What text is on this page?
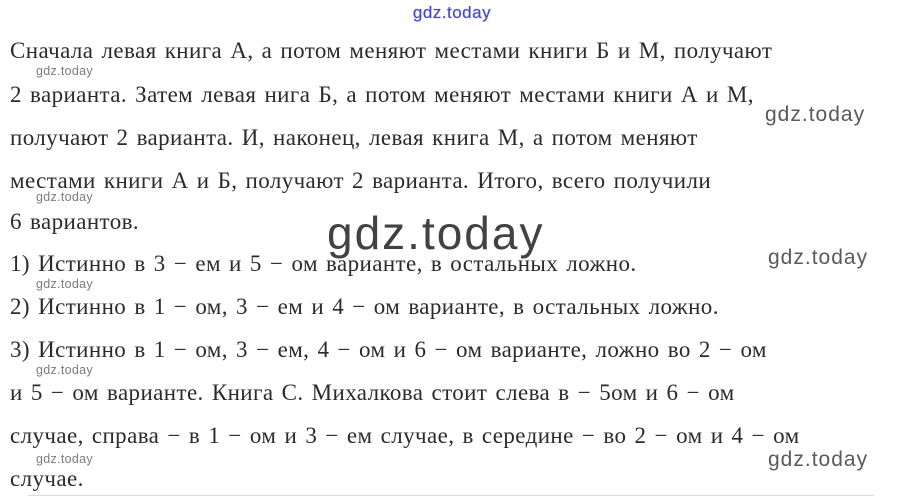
gdz.today
gdz.today
gdz.today
gdz.today
gdz.today
gdz.today
gdz.today
gdz.today
gdz.today
gdz.today
Сначала левая книга А, а потом меняют местами книги Б и М, получают
2 варианта. Затем левая нига Б, а потом меняют местами книги А и М,
получают 2 варианта. И, наконец, левая книга М, а потом меняют
местами книги А и Б, получают 2 варианта. Итого, всего получили
6 вариантов.
1) Истинно в 3 − ем и 5 − ом варианте, в остальных ложно.
2) Истинно в 1 − ом, 3 − ем и 4 − ом варианте, в остальных ложно.
3) Истинно в 1 − ом, 3 − ем, 4 − ом и 6 − ом варианте, ложно во 2 − ом
и 5 − ом варианте. Книга С. Михалкова стоит слева в − 5ом и 6 − ом
случае, справа − в 1 − ом и 3 − ем случае, в середине − во 2 − ом и 4 − ом
случае.
